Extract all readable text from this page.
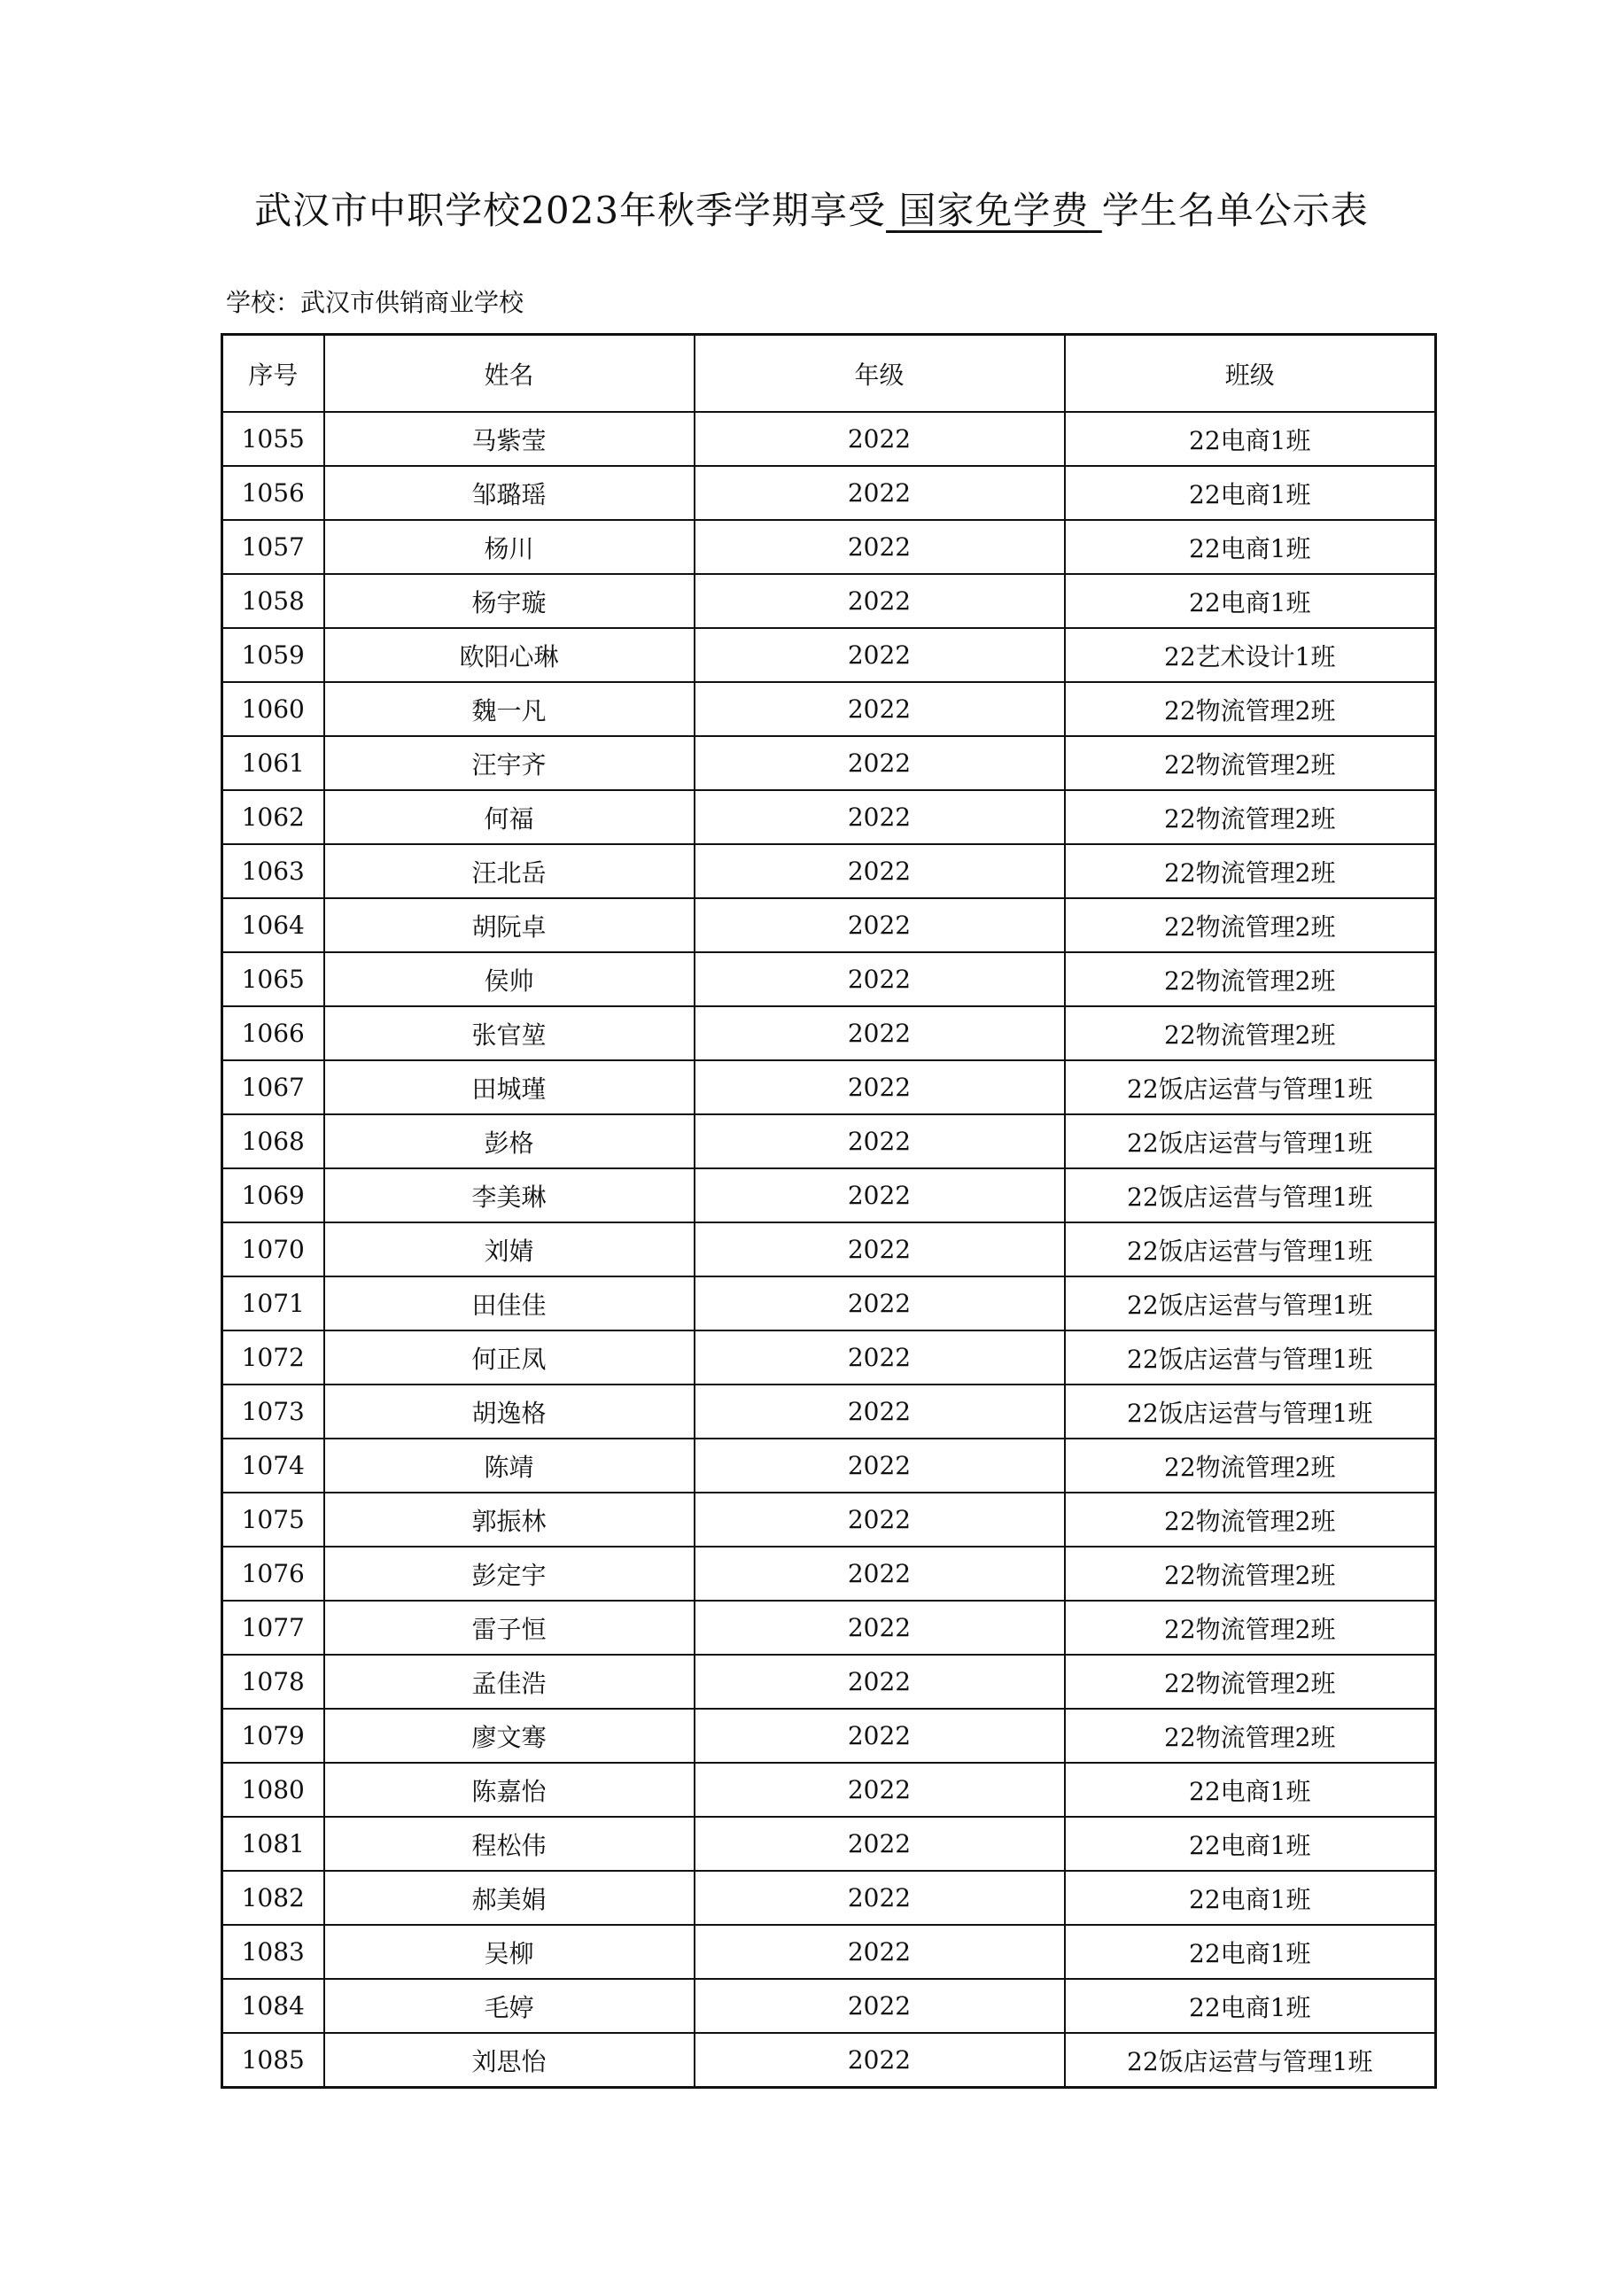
武汉市中职学校2023年秋季学期享受 国家免学费 学生名单公示表
学校：武汉市供销商业学校
序号	姓名	年级	班级
1055	马紫莹	2022	22电商1班
1056	邹璐瑶	2022	22电商1班
1057	杨川	2022	22电商1班
1058	杨宇璇	2022	22电商1班
1059	欧阳心琳	2022	22艺术设计1班
1060	魏一凡	2022	22物流管理2班
1061	汪宇齐	2022	22物流管理2班
1062	何福	2022	22物流管理2班
1063	汪北岳	2022	22物流管理2班
1064	胡阮卓	2022	22物流管理2班
1065	侯帅	2022	22物流管理2班
1066	张官堃	2022	22物流管理2班
1067	田城瑾	2022	22饭店运营与管理1班
1068	彭格	2022	22饭店运营与管理1班
1069	李美琳	2022	22饭店运营与管理1班
1070	刘婧	2022	22饭店运营与管理1班
1071	田佳佳	2022	22饭店运营与管理1班
1072	何正凤	2022	22饭店运营与管理1班
1073	胡逸格	2022	22饭店运营与管理1班
1074	陈靖	2022	22物流管理2班
1075	郭振林	2022	22物流管理2班
1076	彭定宇	2022	22物流管理2班
1077	雷子恒	2022	22物流管理2班
1078	孟佳浩	2022	22物流管理2班
1079	廖文骞	2022	22物流管理2班
1080	陈嘉怡	2022	22电商1班
1081	程松伟	2022	22电商1班
1082	郝美娟	2022	22电商1班
1083	吴柳	2022	22电商1班
1084	毛婷	2022	22电商1班
1085	刘思怡	2022	22饭店运营与管理1班
